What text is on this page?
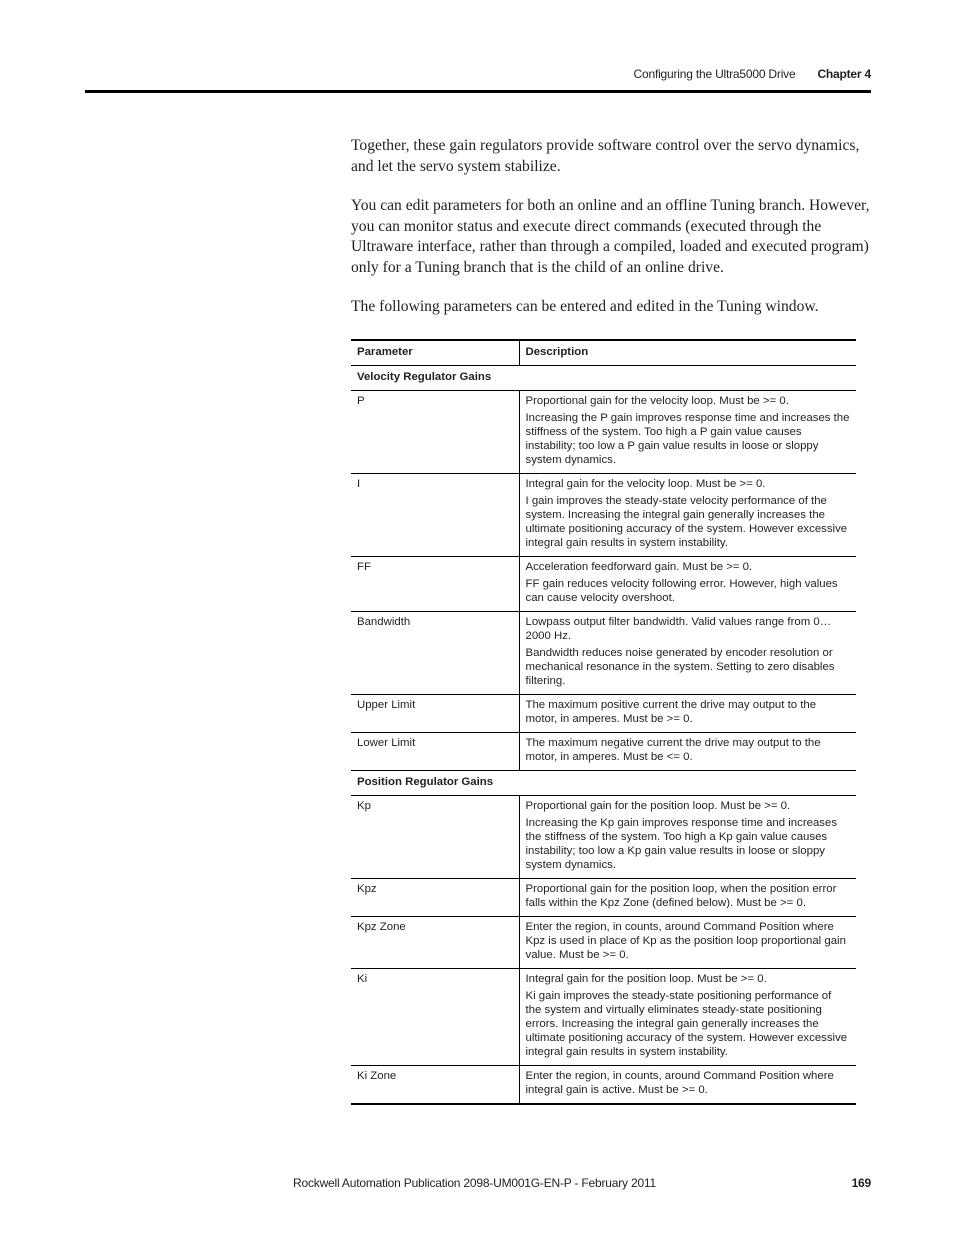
Configuring the Ultra5000 Drive Chapter 4

Together, these gain regulators provide software control over the servo dynamics, and let the servo system stabilize.

You can edit parameters for both an online and an offline Tuning branch. However, you can monitor status and execute direct commands (executed through the Ultraware interface, rather than through a compiled, loaded and executed program) only for a Tuning branch that is the child of an online drive.

The following parameters can be entered and edited in the Tuning window.

Parameter	Description
Velocity Regulator Gains	
P	Proportional gain for the velocity loop. Must be >= 0.
Increasing the P gain improves response time and increases the stiffness of the system. Too high a P gain value causes instability; too low a P gain value results in loose or sloppy system dynamics.

I	Integral gain for the velocity loop. Must be >= 0.
I gain improves the steady-state velocity performance of the system. Increasing the integral gain generally increases the ultimate positioning accuracy of the system. However excessive integral gain results in system instability.

FF	Acceleration feedforward gain. Must be >= 0.
FF gain reduces velocity following error. However, high values can cause velocity overshoot.

Bandwidth	Lowpass output filter bandwidth. Valid values range from 0…2000 Hz.
Bandwidth reduces noise generated by encoder resolution or mechanical resonance in the system. Setting to zero disables filtering.

Upper Limit	The maximum positive current the drive may output to the motor, in amperes. Must be >= 0.

Lower Limit	The maximum negative current the drive may output to the motor, in amperes. Must be <= 0.

Position Regulator Gains	
Kp	Proportional gain for the position loop. Must be >= 0.
Increasing the Kp gain improves response time and increases the stiffness of the system. Too high a Kp gain value causes instability; too low a Kp gain value results in loose or sloppy system dynamics.

Kpz	Proportional gain for the position loop, when the position error falls within the Kpz Zone (defined below). Must be >= 0.

Kpz Zone	Enter the region, in counts, around Command Position where Kpz is used in place of Kp as the position loop proportional gain value. Must be >= 0.

Ki	Integral gain for the position loop. Must be >= 0.
Ki gain improves the steady-state positioning performance of the system and virtually eliminates steady-state positioning errors. Increasing the integral gain generally increases the ultimate positioning accuracy of the system. However excessive integral gain results in system instability.

Ki Zone	Enter the region, in counts, around Command Position where integral gain is active. Must be >= 0.
Rockwell Automation Publication 2098-UM001G-EN-P - February 2011	169
